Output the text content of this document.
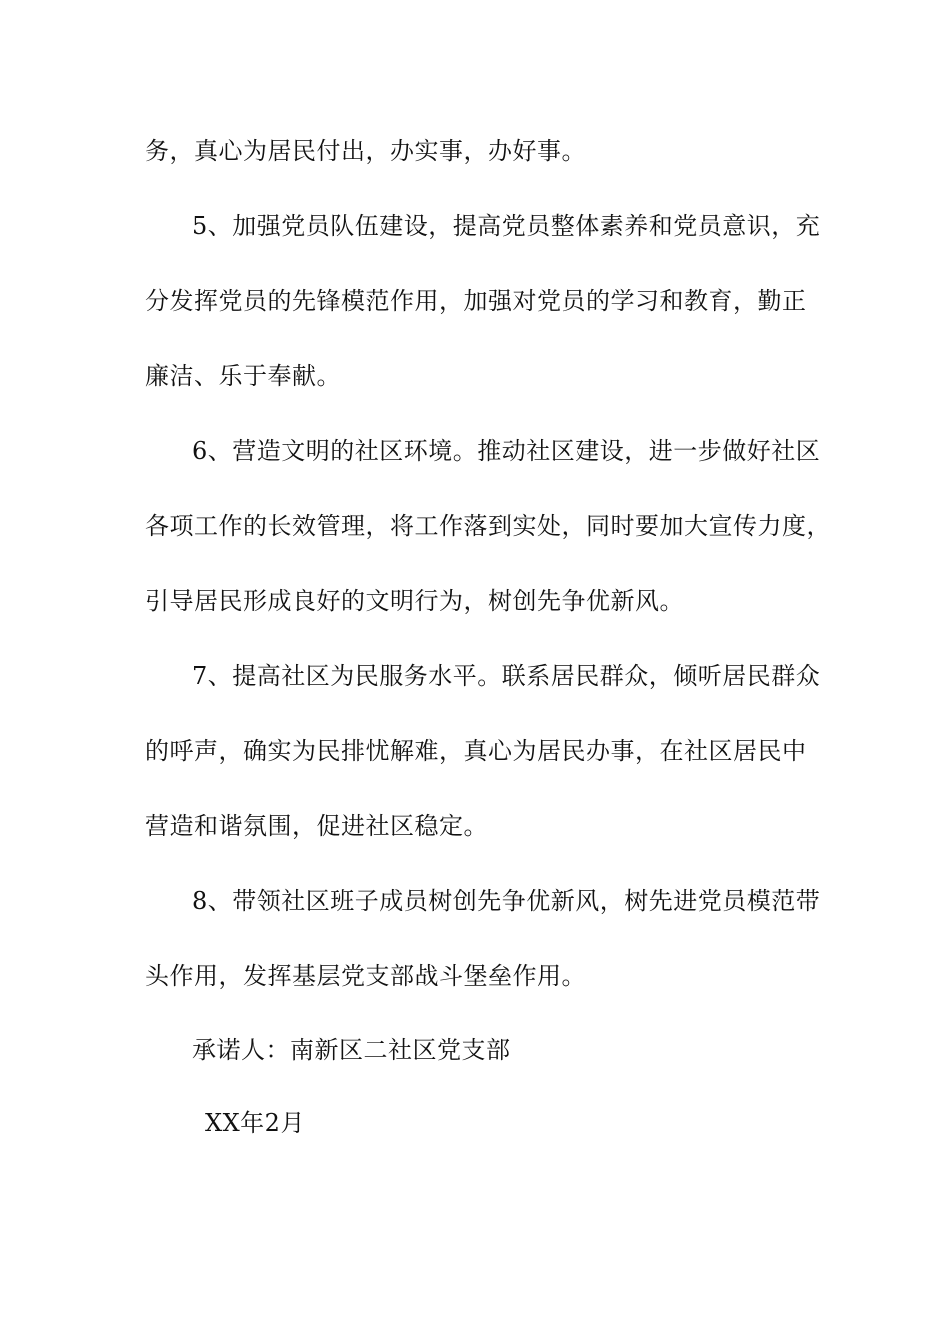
务，真心为居民付出，办实事，办好事。
5、加强党员队伍建设，提高党员整体素养和党员意识，充
分发挥党员的先锋模范作用，加强对党员的学习和教育，勤正
廉洁、乐于奉献。
6、营造文明的社区环境。推动社区建设，进一步做好社区
各项工作的长效管理，将工作落到实处，同时要加大宣传力度，
引导居民形成良好的文明行为，树创先争优新风。
7、提高社区为民服务水平。联系居民群众，倾听居民群众
的呼声，确实为民排忧解难，真心为居民办事，在社区居民中
营造和谐氛围，促进社区稳定。
8、带领社区班子成员树创先争优新风，树先进党员模范带
头作用，发挥基层党支部战斗堡垒作用。
承诺人：南新区二社区党支部
XX年2月
